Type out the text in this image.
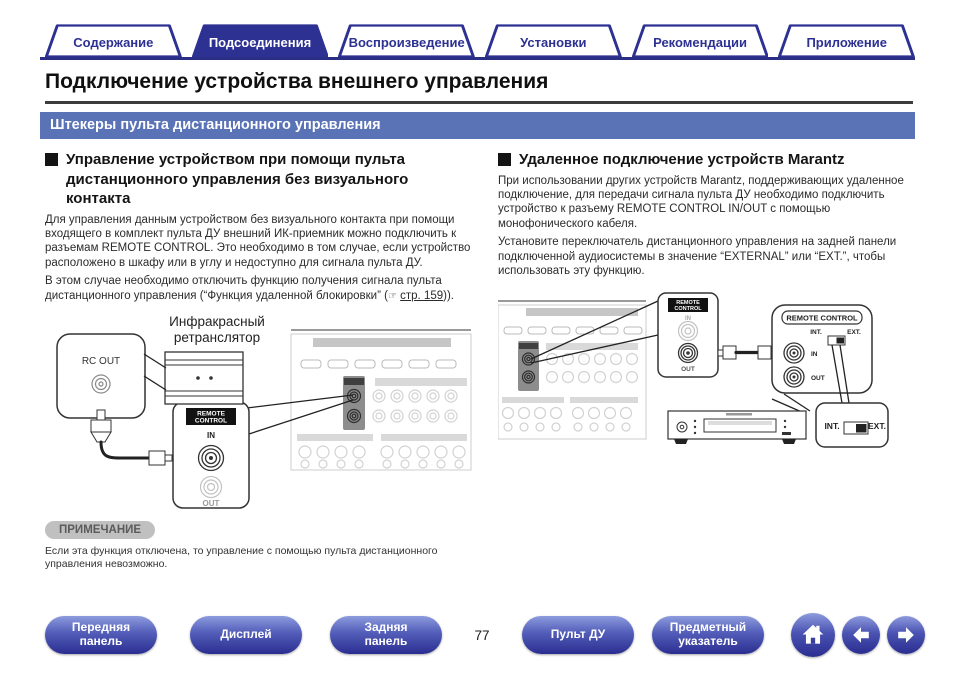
Содержание	Подсоединения	Воспроизведение	Установки	Рекомендации	Приложение
Подключение устройства внешнего управления
Штекеры пульта дистанционного управления
Управление устройством при помощи пульта дистанционного управления без визуального контакта

Для управления данным устройством без визуального контакта при помощи входящего в комплект пульта ДУ внешний ИК-приемник можно подключить к разъемам REMOTE CONTROL. Это необходимо в том случае, если устройство расположено в шкафу или в углу и недоступно для сигнала пульта ДУ.

В этом случае необходимо отключить функцию получения сигнала пульта дистанционного управления (“Функция удаленной блокировки” (☞ стр. 159)).

Инфракрасный
ретранслятор
RC OUT
REMOTE
CONTROL
IN
OUT
ПРИМЕЧАНИЕ

Если эта функция отключена, то управление с помощью пульта дистанционного управления невозможно.

Удаленное подключение устройств Marantz

При использовании других устройств Marantz, поддерживающих удаленное подключение, для передачи сигнала пульта ДУ необходимо подключить устройство к разъему REMOTE CONTROL IN/OUT с помощью монофонического кабеля.

Установите переключатель дистанционного управления на задней панели подключенной аудиосистемы в значение “EXTERNAL” или “EXT.”, чтобы использовать эту функцию.

REMOTE
CONTROL
IN
OUT
REMOTE CONTROL
INT.	EXT.
IN
OUT
INT.	EXT.
Передняя
панель	Дисплей	Задняя
панель	77	Пульт ДУ	Предметный
указатель
